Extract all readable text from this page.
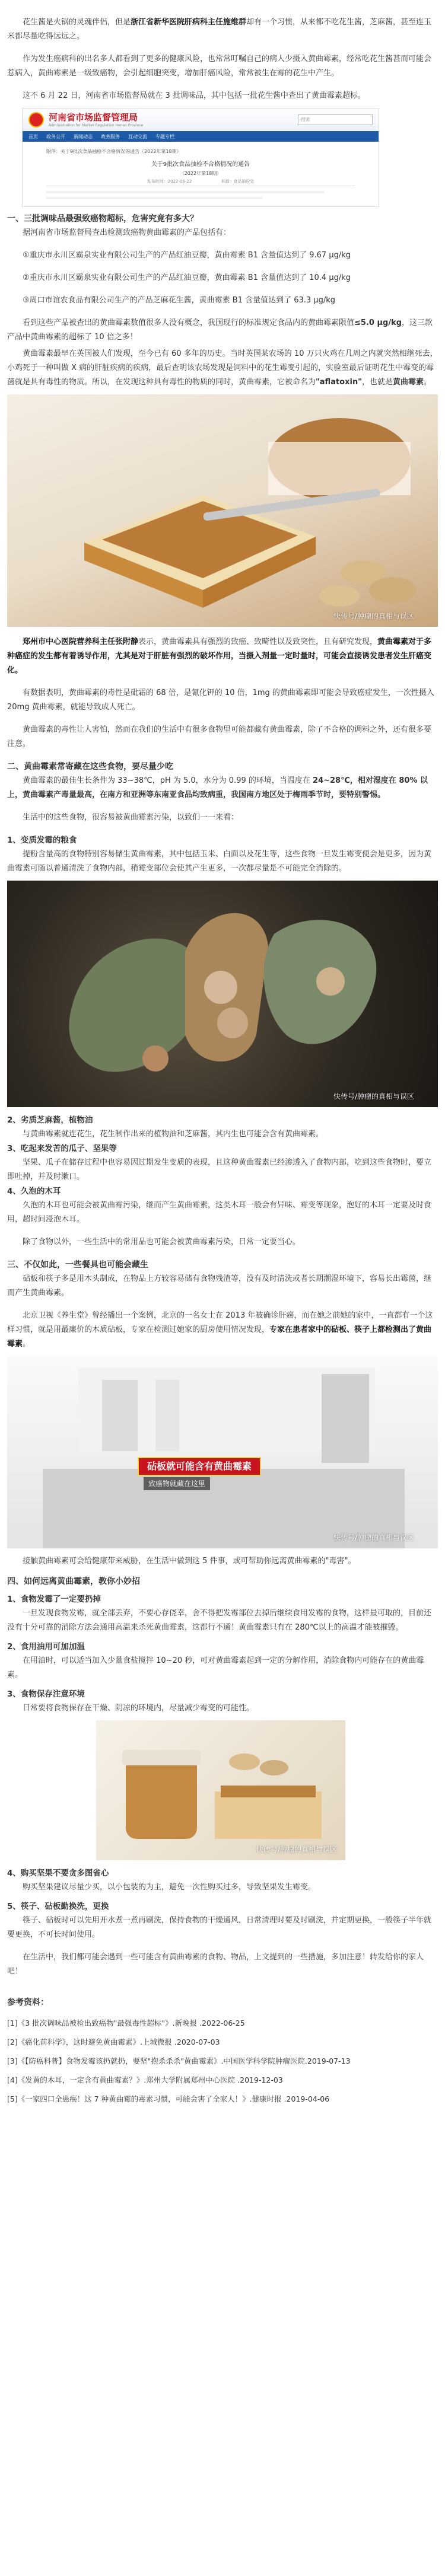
花生酱是火锅的灵魂伴侣，但是浙江省新华医院肝病科主任施维群却有一个习惯，从来都不吃花生酱，芝麻酱，甚至连玉米都尽量吃得远远之。

作为发生癌病科的出名多人都看到了更多的健康风险，也常常叮嘱自己的病人少摄入黄曲霉素，经常吃花生酱甚而可能会惹病入，黄曲霉素是一级致癌物，会引起细胞突变，增加肝癌风险，常常被生在霉的花生中产生。

这不 6 月 22 日，河南省市场监督局就在 3 批调味品，其中包括一批花生酱中查出了黄曲霉素超标。

河南省市场监督管理局
Administration for Market Regulation Henan Province
搜索
首页 政务公开 新闻动态 政务服务 互动交流 专题专栏
附件：关于9批次食品抽检不合格情况的通告（2022年第18期）
关于9批次食品抽检不合格情况的通告
（2022年第18期）
发布时间：2022-06-22　　　　　　　来源：食品抽检处
一、三批调味品最强致癌物超标，危害究竟有多大？

据河南省市场监督局查出检测致癌物黄曲霉素的产品包括有：

①重庆市永川区霸泉实业有限公司生产的产品红油豆瓣，黄曲霉素 B1 含量值达到了 9.67 μg/kg

②重庆市永川区霸泉实业有限公司生产的产品红油豆瓣，黄曲霉素 B1 含量值达到了 10.4 μg/kg

③周口市谊农食品有限公司生产的产品芝麻花生酱，黄曲霉素 B1 含量值达到了 63.3 μg/kg

看到这些产品被查出的黄曲霉素数值很多人没有概念，我国现行的标准规定食品内的黄曲霉素限值≤5.0 μg/kg，这三款产品中黄曲霉素的超标了 10 倍之多！

黄曲霉素最早在英国被人们发现，至今已有 60 多年的历史。当时英国某农场的 10 万只火鸡在几周之内就突然相继死去，小鸡死于一种叫做 X 病的肝脏疾病的疾病，最后查明该农场发现是饲料中的花生霉变引起的，实验室最后证明花生中霉变的霉菌就是具有毒性的物质。所以，在发现这种具有毒性的物质的同时，黄曲霉素，它被命名为"aflatoxin"，也就是黄曲霉素。

快传号/肿瘤的真相与误区

郑州市中心医院营养科主任张附静表示，黄曲霉素具有强烈的致癌、致畸性以及致突性，且有研究发现，黄曲霉素对于多种癌症的发生都有着诱导作用，尤其是对于肝脏有强烈的破坏作用，当摄入剂量一定时量时，可能会直接诱发患者发生肝癌变化。

有数据表明，黄曲霉素的毒性是砒霜的 68 倍，是氰化钾的 10 倍，1mg 的黄曲霉素即可能会导致癌症发生，一次性摄入 20mg 黄曲霉素，就能导致成人死亡。

黄曲霉素的毒性让人害怕，然而在我们的生活中有很多食物里可能都藏有黄曲霉素，除了不合格的调料之外，还有很多要注意。

二、黄曲霉素常寄藏在这些食物，要尽量少吃

黄曲霉素的最佳生长条件为 33~38℃，pH 为 5.0，水分为 0.99 的环境，当温度在 24~28℃，相对湿度在 80% 以上，黄曲霉素产毒量最高，在南方和亚洲等东南亚食品均致病重，我国南方地区处于梅雨季节时，要特别警惕。

生活中的这些食物，很容易被黄曲霉素污染，以致们一一来看：

1、变质发霉的粮食

提粉含量高的食物特别容易储生黄曲霉素，其中包括玉米、白面以及花生等，这些食物一旦发生霉变便会是更多，因为黄曲霉素可随以普通清洗了食物内部，稍霉变部位会使其产生更多，一次都尽量是不可能完全消除的。

快传号/肿瘤的真相与误区
2、劣质芝麻酱，植物油

与黄曲霉素就连花生，花生制作出来的植物油和芝麻酱，其内生也可能会含有黄曲霉素。

3、吃起来发苦的瓜子、坚果等

坚果、瓜子在储存过程中也容易因过期发生变质的表现，且这种黄曲霉素已经渗透入了食物内部，吃到这些食物时，要立即吐掉，并及时漱口。

4、久泡的木耳

久泡的木耳也可能会被黄曲霉污染，继而产生黄曲霉素，这类木耳一般会有异味、霉变等现象，泡好的木耳一定要及时食用，超时间浸泡木耳。

除了食物以外，一些生活中的常用品也可能会被黄曲霉素污染，日常一定要当心。

三、不仅如此，一些餐具也可能会藏生

砧板和筷子多是用木头制成，在物品上方较容易储有食物残渣等，没有及时清洗或者长期潮湿环境下，容易长出霉菌，继而产生黄曲霉素。

北京卫视《养生堂》曾经播出一个案例，北京的一名女士在 2013 年被确诊肝癌，而在她之前她的家中，一直都有一个这样习惯，就是用最廉价的木质砧板，专家在检测过她家的厨房使用情况发现，专家在患者家中的砧板、筷子上都检测出了黄曲霉素。

砧板就可能含有黄曲霉素
致癌物就藏在这里
快传号/肿瘤的真相与误区

接触黄曲霉素可会给健康带来威胁，在生活中做到这 5 件事，或可帮助你远离黄曲霉素的"毒害"。

四、如何远离黄曲霉素，教你小妙招
1、食物发霉了一定要扔掉

一旦发现食物发霉，就全部丢弃，不要心存侥幸，舍不得把发霉部位去掉后继续食用发霉的食物，这样最可取的，目前还没有十分可靠的消除方法会通用高温来杀死黄曲霉素，这都行不通！黄曲霉素只有在 280℃以上的高温才能被摧毁。

2、食用油用可加加温

在用油时，可以适当加入少量食盐搅拌 10~20 秒，可对黄曲霉素起到一定的分解作用，消除食物内可能存在的黄曲霉素。

3、食物保存注意环境

日常要将食物保存在干燥、阴凉的环境内，尽量减少霉变的可能性。

快传号/肿瘤的真相与误区
4、购买坚果不要贪多图省心

购买坚果建议尽量少买，以小包装的为主，避免一次性购买过多，导致坚果发生霉变。

5、筷子、砧板勤换洗，更换

筷子、砧板时可以先用开水煮一煮再刷洗，保持食物的干燥通风，日常清理时要及时刷洗，并定期更换，一般筷子半年就要更换，不可长时间使用。

在生活中，我们都可能会遇到一些可能含有黄曲霉素的食物、物品，上文提到的一些措施，多加注意！转发给你的家人吧！

参考资料：

[1]《3 批次调味品被检出致癌物"最强毒性超标"》.新晚报 .2022-06-25

[2]《癌化前科学》，这时避免黄曲霉素》.上城微报 .2020-07-03

[3]《【防癌科普】食物发霉该扔就扔，要坚"抱杀杀杀"黄曲霉素》.中国医学科学院肿瘤医院.2019-07-13

[4]《发黄的木耳，一定含有黄曲霉素？》.郑州大学附属郑州中心医院 .2019-12-03

[5]《一家四口全患癌！这 7 种黄曲霉的毒素习惯，可能会害了全家人！》.健康时报 .2019-04-06
